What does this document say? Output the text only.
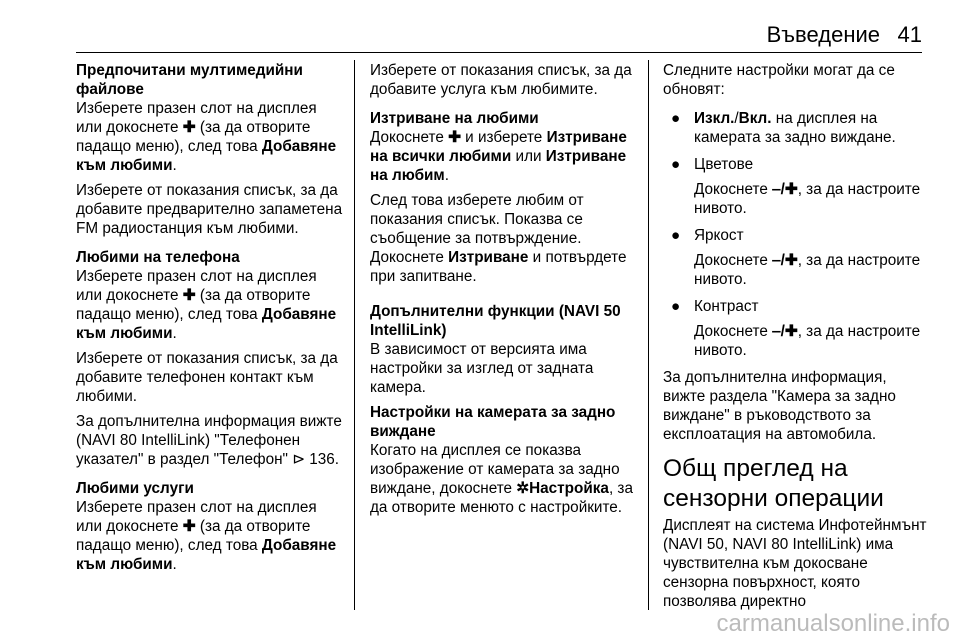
Въведение 41

Предпочитани мултимедийни файлове

Изберете празен слот на дисплея или докоснете ✚ (за да отворите падащо меню), след това Добавяне към любими.

Изберете от показания списък, за да добавите предварително запаметена FM радиостанция към любими.

Любими на телефона

Изберете празен слот на дисплея или докоснете ✚ (за да отворите падащо меню), след това Добавяне към любими.

Изберете от показания списък, за да добавите телефонен контакт към любими.

За допълнителна информация вижте (NAVI 80 IntelliLink) "Телефонен указател" в раздел "Телефон" ⊳ 136.

Любими услуги

Изберете празен слот на дисплея или докоснете ✚ (за да отворите падащо меню), след това Добавяне към любими.

Изберете от показания списък, за да добавите услуга към любимите.

Изтриване на любими

Докоснете ✚ и изберете Изтриване на всички любими или Изтриване на любим.

След това изберете любим от показания списък. Показва се съобщение за потвърждение. Докоснете Изтриване и потвърдете при запитване.

Допълнителни функции (NAVI 50 IntelliLink)

В зависимост от версията има настройки за изглед от задната камера.

Настройки на камерата за задно виждане

Когато на дисплея се показва изображение от камерата за задно виждане, докоснете ✲Настройка, за да отворите менюто с настройките.

Следните настройки могат да се обновят:

● Изкл./Вкл. на дисплея на камерата за задно виждане.
● Цветове

Докоснете ‒/✚, за да настроите нивото.

● Яркост

Докоснете ‒/✚, за да настроите нивото.

● Контраст

Докоснете ‒/✚, за да настроите нивото.

За допълнителна информация, вижте раздела "Камера за задно виждане" в ръководството за експлоатация на автомобила.

Общ преглед на сензорни операции

Дисплеят на система Инфотейнмънт (NAVI 50, NAVI 80 IntelliLink) има чувствителна към докосване сензорна повърхност, която позволява директно

carmanualsonline.info
